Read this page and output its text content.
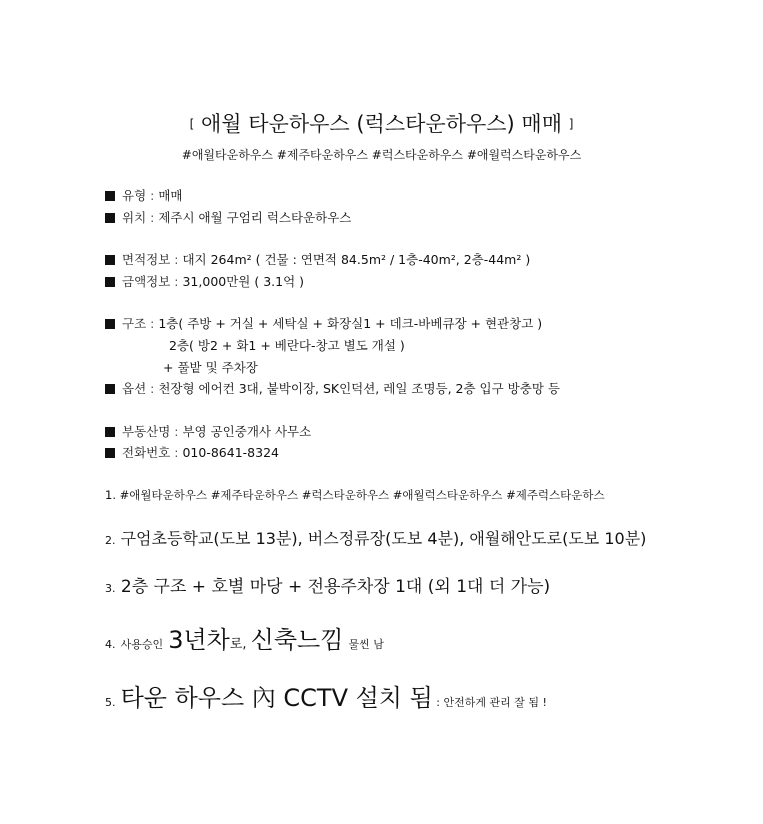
[ 애월 타운하우스 (럭스타운하우스) 매매 ]
#애월타운하우스 #제주타운하우스 #럭스타운하우스 #애월럭스타운하우스
유형 : 매매
위치 : 제주시 애월 구엄리 럭스타운하우스
면적정보 : 대지 264m² ( 건물 : 연면적 84.5m² / 1층-40m², 2층-44m² )
금액정보 : 31,000만원 ( 3.1억 )
구조 : 1층( 주방 + 거실 + 세탁실 + 화장실1 + 데크-바베큐장 + 현관창고 )
2층( 방2 + 화1 + 베란다-창고 별도 개설 )
+ 풀밭 및 주차장
옵션 : 천장형 에어컨 3대, 붙박이장, SK인덕션, 레일 조명등, 2층 입구 방충망 등
부동산명 : 부영 공인중개사 사무소
전화번호 : 010-8641-8324
1. #애월타운하우스 #제주타운하우스 #럭스타운하우스 #애월럭스타운하우스 #제주럭스타운하스
2. 구엄초등학교(도보 13분), 버스정류장(도보 4분), 애월해안도로(도보 10분)
3. 2층 구조 + 호별 마당 + 전용주차장 1대 (외 1대 더 가능)
4. 사용승인 3년차로, 신축느낌 물씬 남
5. 타운 하우스 內 CCTV 설치 됨 : 안전하게 관리 잘 됨 !
